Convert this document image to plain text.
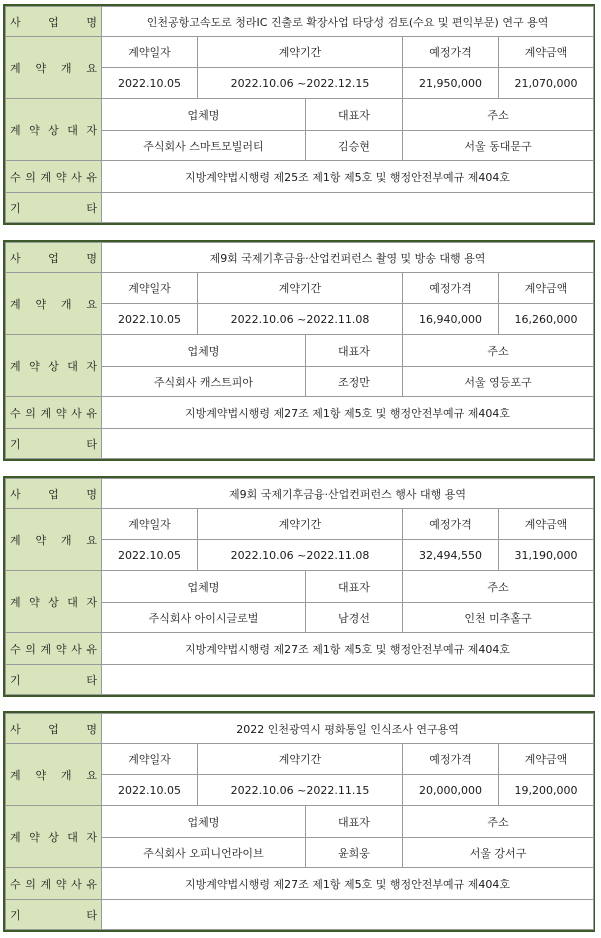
사 업 명	인천공항고속도로 청라IC 진출로 확장사업 타당성 검토(수요 및 편익부문) 연구 용역				
계 약 개 요	계약일자	계약기간		예정가격	계약금액
	2022.10.05	2022.10.06 ~2022.12.15		21,950,000	21,070,000
계 약 상 대 자	업체명		대표자	주소	
	주식회사 스마트모빌러티		김승현	서울 동대문구	
수 의 계 약 사 유	지방계약법시행령 제25조 제1항 제5호 및 행정안전부예규 제404호				
기 타					
사 업 명	제9회 국제기후금융·산업컨퍼런스 촬영 및 방송 대행 용역				
계 약 개 요	계약일자	계약기간		예정가격	계약금액
	2022.10.05	2022.10.06 ~2022.11.08		16,940,000	16,260,000
계 약 상 대 자	업체명		대표자	주소	
	주식회사 캐스트피아		조정만	서울 영등포구	
수 의 계 약 사 유	지방계약법시행령 제27조 제1항 제5호 및 행정안전부예규 제404호				
기 타					
사 업 명	제9회 국제기후금융·산업컨퍼런스 행사 대행 용역				
계 약 개 요	계약일자	계약기간		예정가격	계약금액
	2022.10.05	2022.10.06 ~2022.11.08		32,494,550	31,190,000
계 약 상 대 자	업체명		대표자	주소	
	주식회사 아이시글로벌		남경선	인천 미추홀구	
수 의 계 약 사 유	지방계약법시행령 제27조 제1항 제5호 및 행정안전부예규 제404호				
기 타					
사 업 명	2022 인천광역시 평화통일 인식조사 연구용역				
계 약 개 요	계약일자	계약기간		예정가격	계약금액
	2022.10.05	2022.10.06 ~2022.11.15		20,000,000	19,200,000
계 약 상 대 자	업체명		대표자	주소	
	주식회사 오피니언라이브		윤희웅	서울 강서구	
수 의 계 약 사 유	지방계약법시행령 제27조 제1항 제5호 및 행정안전부예규 제404호				
기 타					
